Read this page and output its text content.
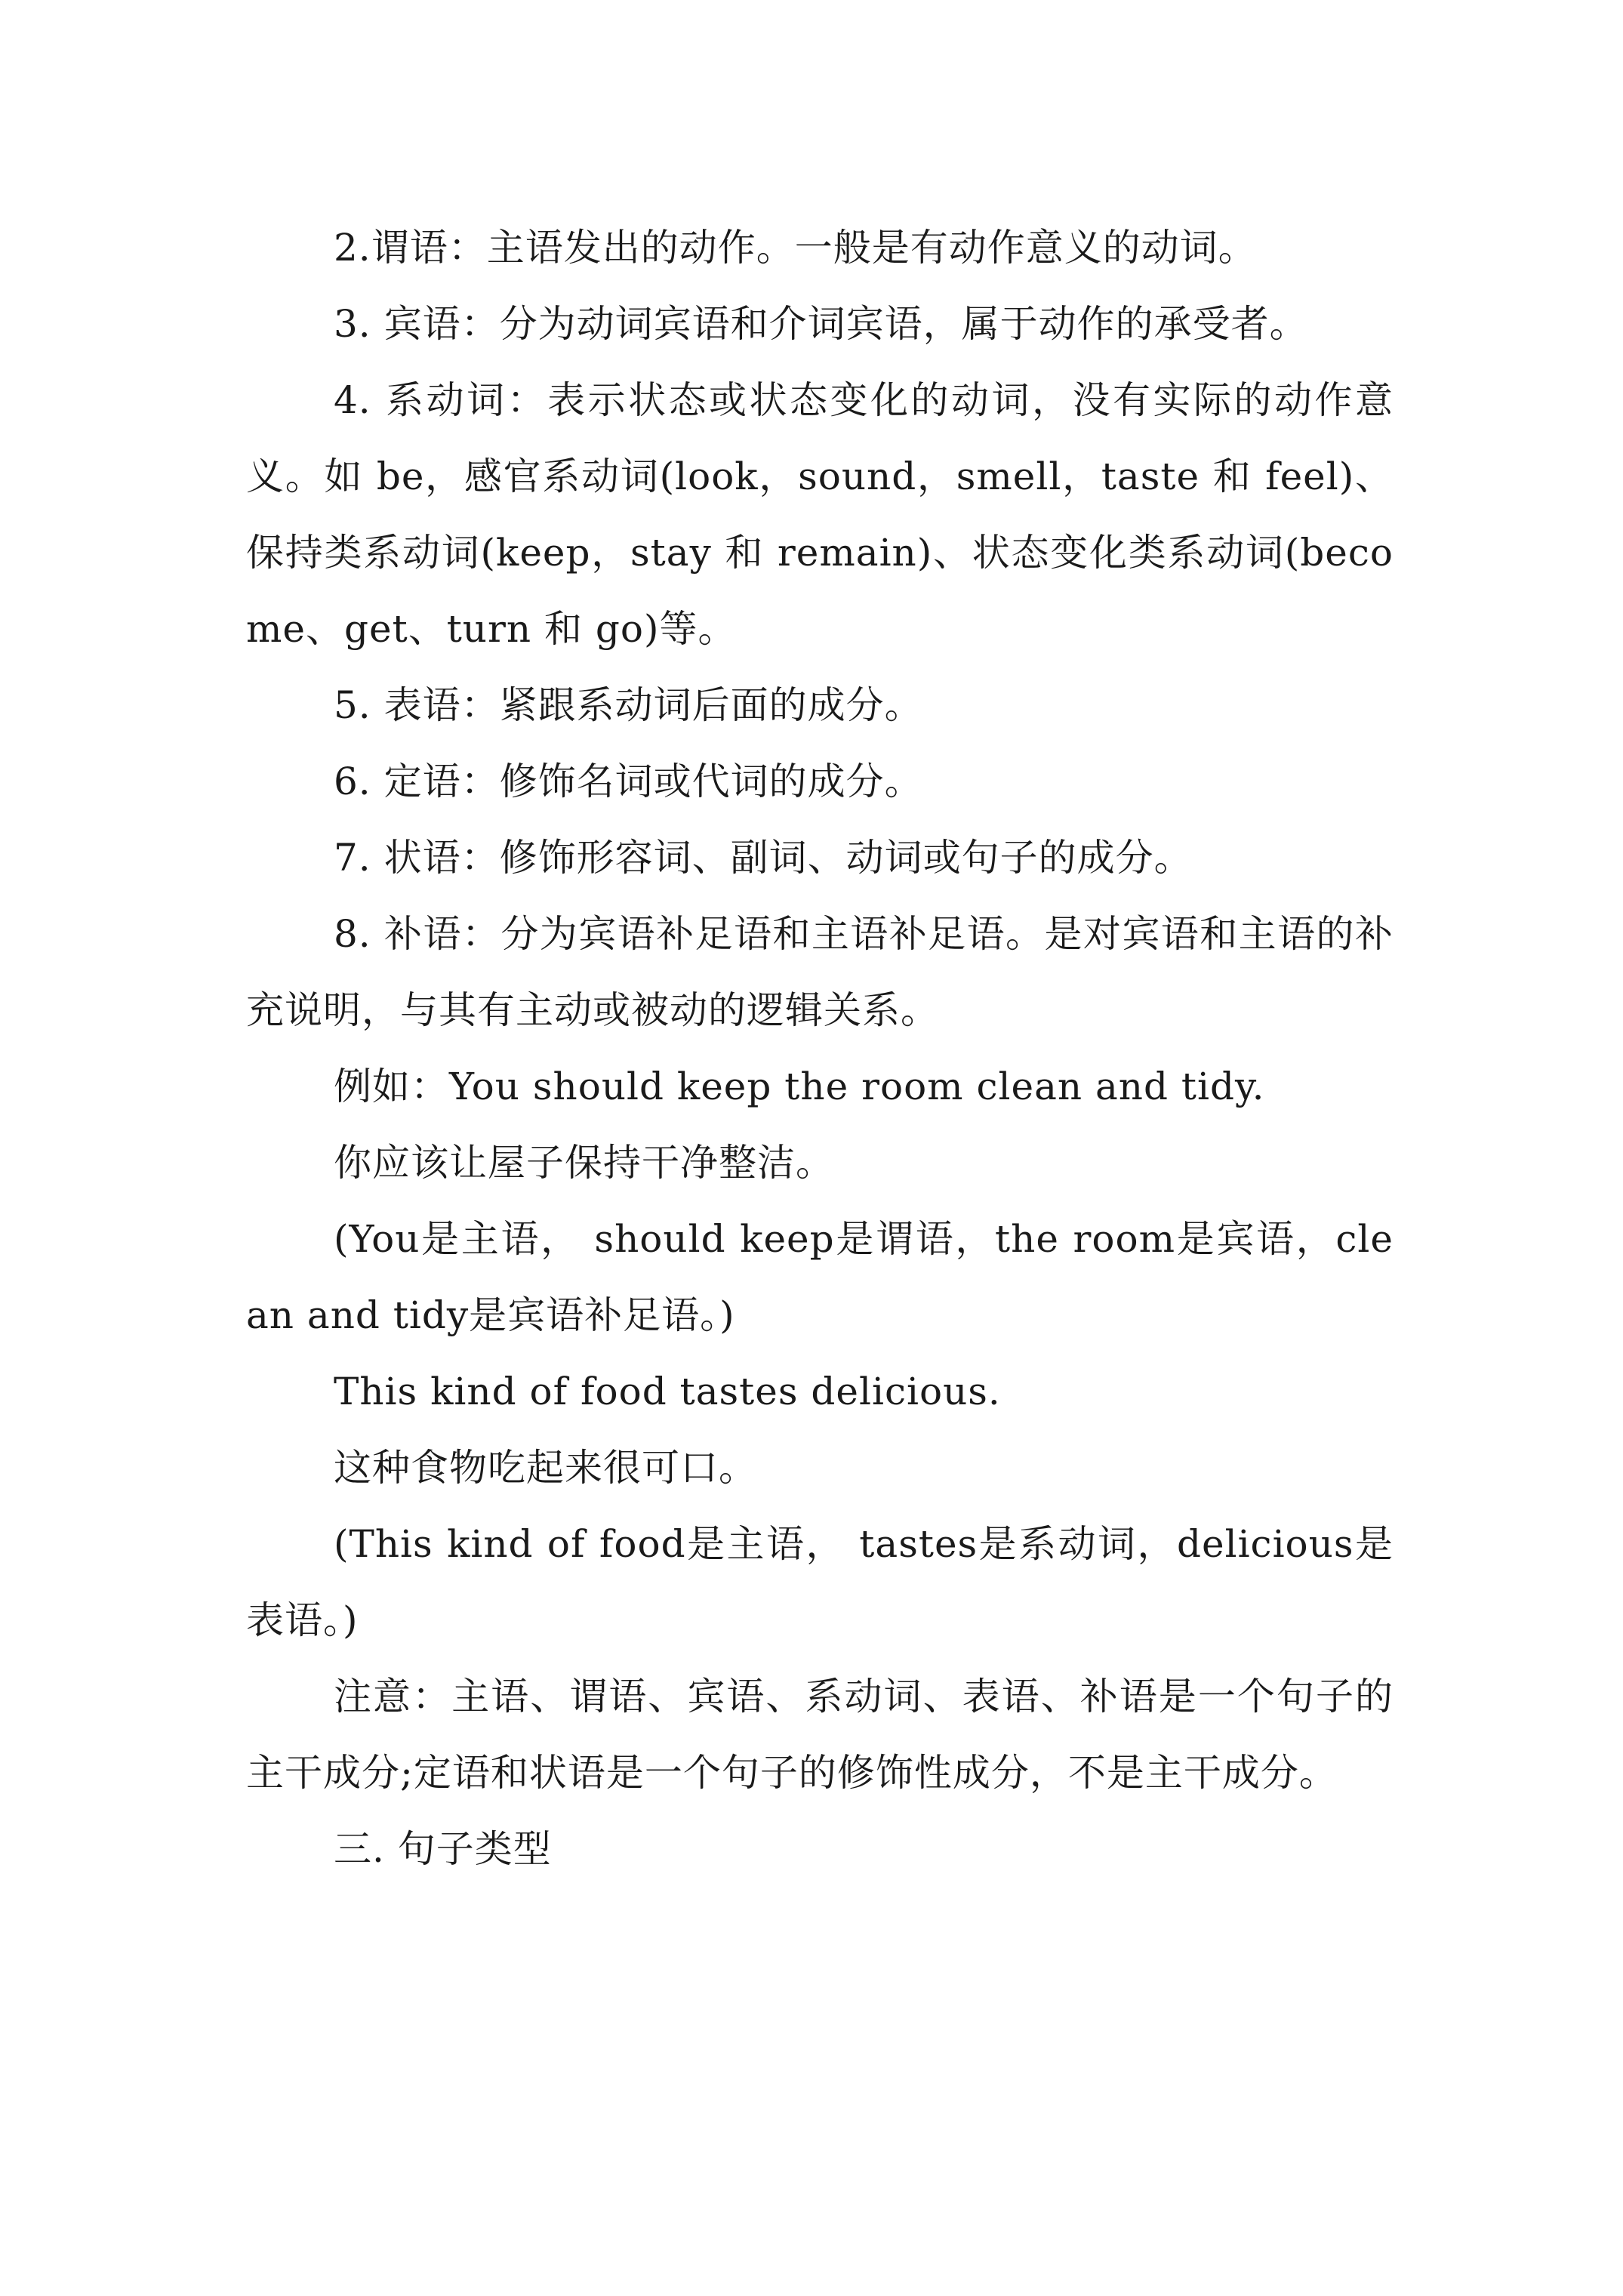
2.谓语：主语发出的动作。一般是有动作意义的动词。

3. 宾语：分为动词宾语和介词宾语，属于动作的承受者。

4. 系动词：表示状态或状态变化的动词，没有实际的动作意义。如 be，感官系动词(look，sound，smell，taste 和 feel)、保持类系动词(keep，stay 和 remain)、状态变化类系动词(become、get、turn 和 go)等。

5. 表语：紧跟系动词后面的成分。

6. 定语：修饰名词或代词的成分。

7. 状语：修饰形容词、副词、动词或句子的成分。

8. 补语：分为宾语补足语和主语补足语。是对宾语和主语的补充说明，与其有主动或被动的逻辑关系。

例如：You should keep the room clean and tidy.

你应该让屋子保持干净整洁。

(You是主语， should keep是谓语，the room是宾语，clean and tidy是宾语补足语。)

This kind of food tastes delicious.

这种食物吃起来很可口。

(This kind of food是主语， tastes是系动词，delicious是表语。)

注意：主语、谓语、宾语、系动词、表语、补语是一个句子的主干成分;定语和状语是一个句子的修饰性成分，不是主干成分。

三. 句子类型
